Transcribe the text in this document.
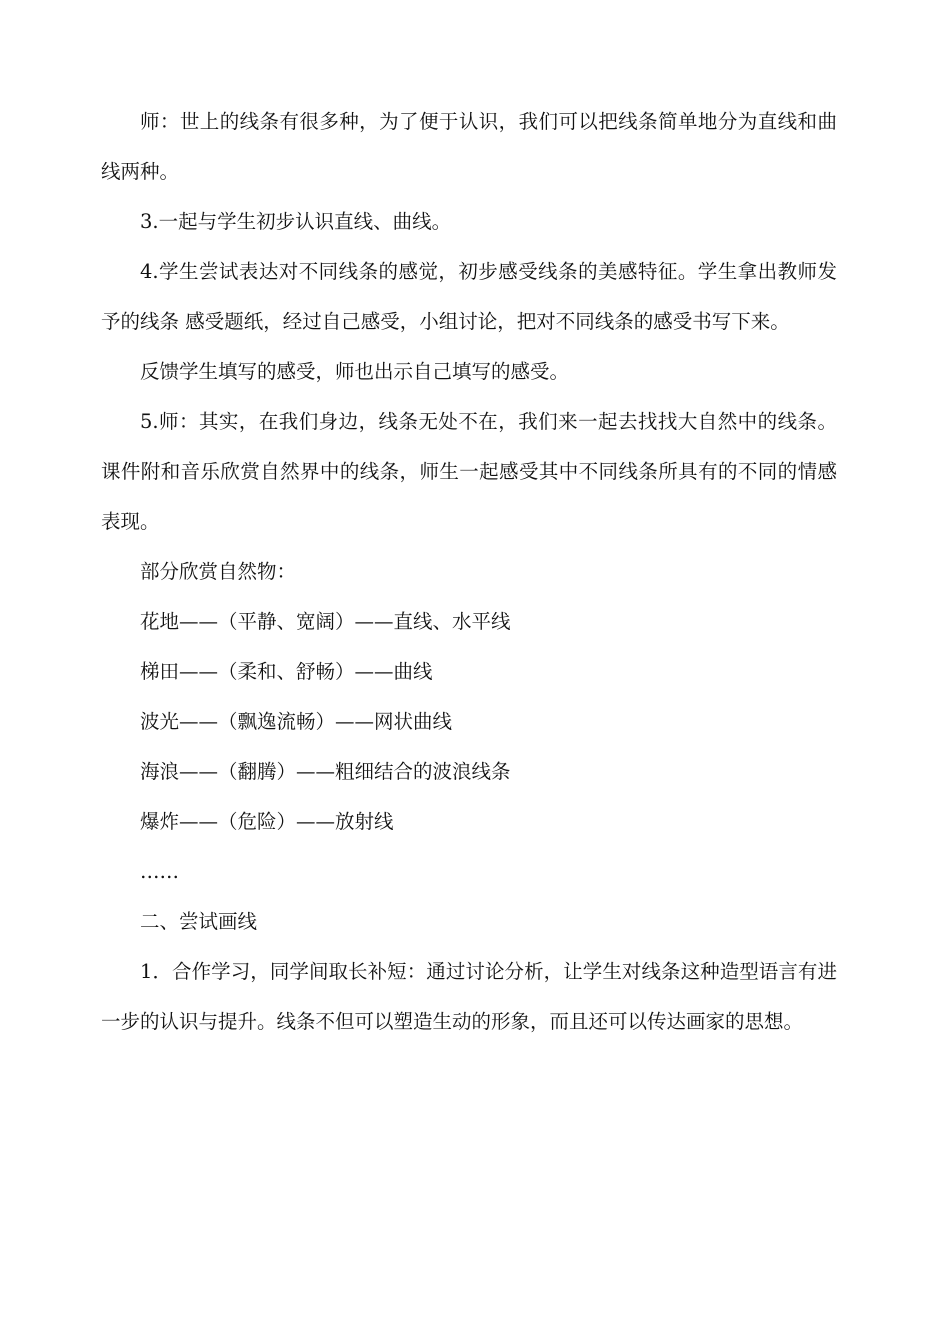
师：世上的线条有很多种，为了便于认识，我们可以把线条简单地分为直线和曲线两种。

3.一起与学生初步认识直线、曲线。

4.学生尝试表达对不同线条的感觉，初步感受线条的美感特征。学生拿出教师发予的线条 感受题纸，经过自己感受，小组讨论，把对不同线条的感受书写下来。

反馈学生填写的感受，师也出示自己填写的感受。

5.师：其实，在我们身边，线条无处不在，我们来一起去找找大自然中的线条。课件附和音乐欣赏自然界中的线条，师生一起感受其中不同线条所具有的不同的情感表现。

部分欣赏自然物：

花地——（平静、宽阔）——直线、水平线

梯田——（柔和、舒畅）——曲线

波光——（飘逸流畅）——网状曲线

海浪——（翻腾）——粗细结合的波浪线条

爆炸——（危险）——放射线

……

二、尝试画线

1．合作学习，同学间取长补短：通过讨论分析，让学生对线条这种造型语言有进一步的认识与提升。线条不但可以塑造生动的形象，而且还可以传达画家的思想。
